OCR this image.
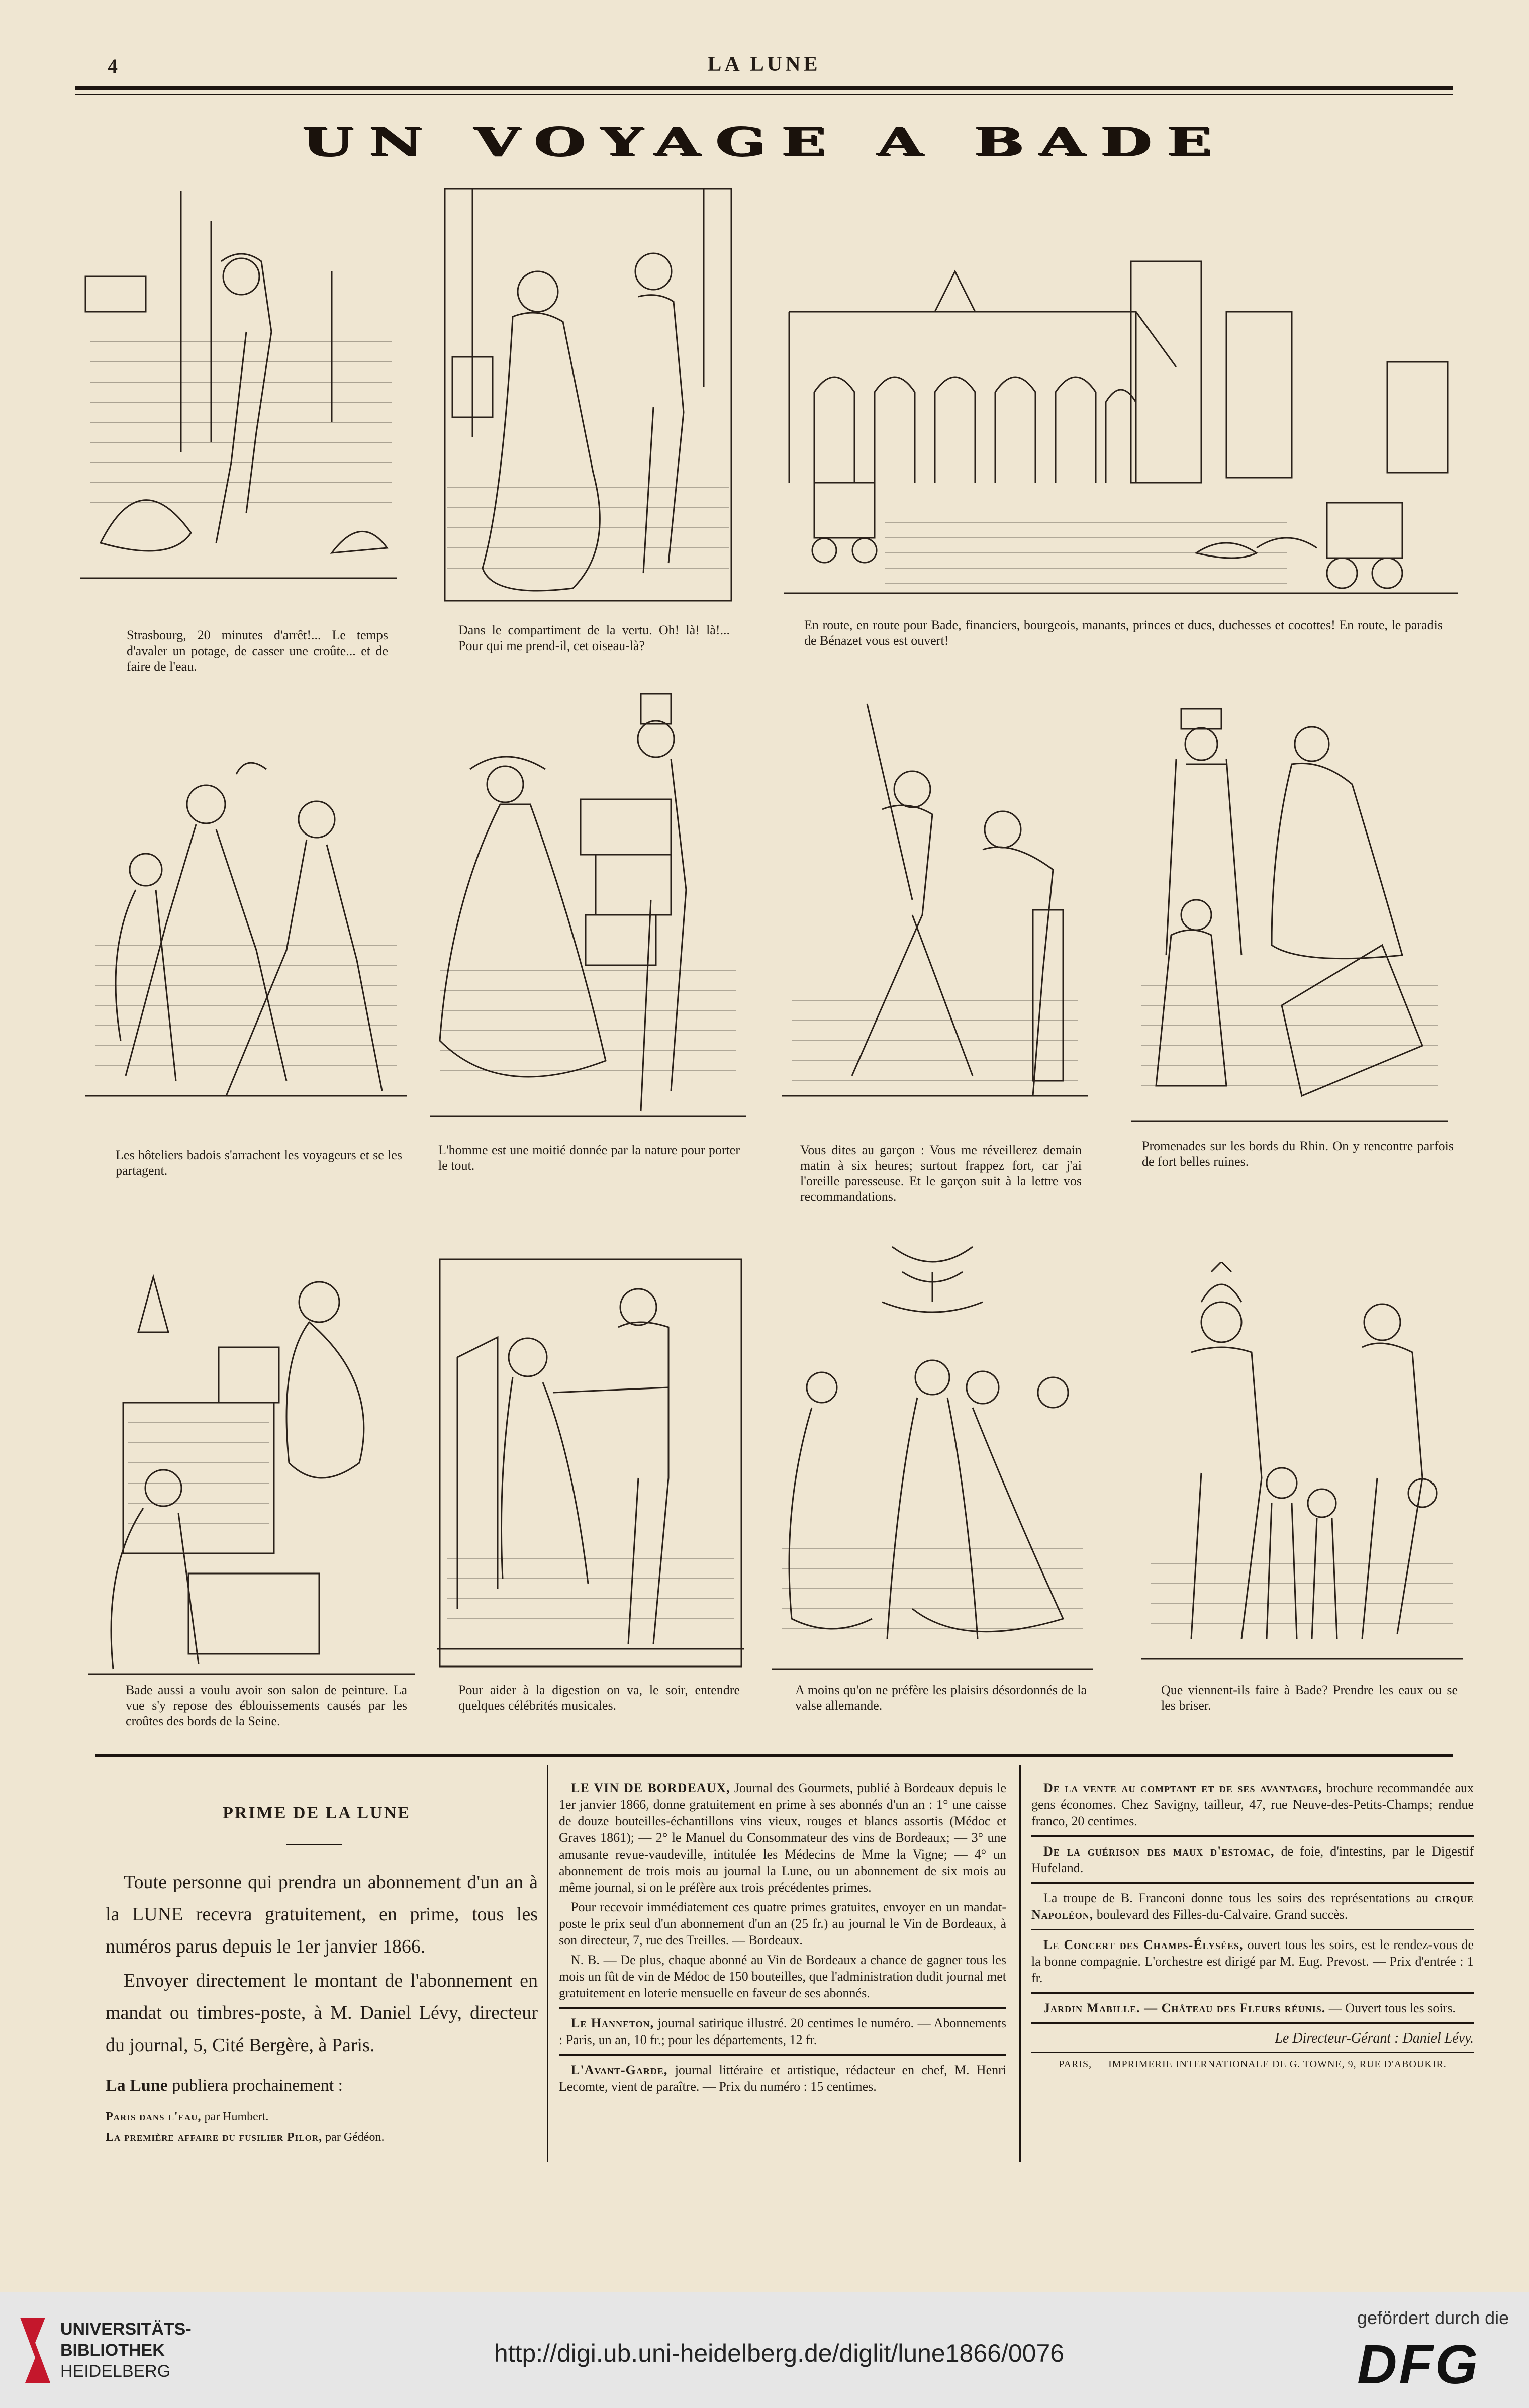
4	LA LUNE
UN VOYAGE A BADE
Strasbourg, 20 minutes d'arrêt!... Le temps d'avaler un potage, de casser une croûte... et de faire de l'eau.
Dans le compartiment de la vertu. Oh! là! là!... Pour qui me prend-il, cet oiseau-là?
En route, en route pour Bade, financiers, bourgeois, manants, princes et ducs, duchesses et cocottes! En route, le paradis de Bénazet vous est ouvert!
Les hôteliers badois s'arrachent les voyageurs et se les partagent.
L'homme est une moitié donnée par la nature pour porter le tout.
Vous dites au garçon : Vous me réveillerez demain matin à six heures; surtout frappez fort, car j'ai l'oreille paresseuse. Et le garçon suit à la lettre vos recommandations.
Promenades sur les bords du Rhin. On y rencontre parfois de fort belles ruines.
Bade aussi a voulu avoir son salon de peinture. La vue s'y repose des éblouissements causés par les croûtes des bords de la Seine.
Pour aider à la digestion on va, le soir, entendre quelques célébrités musicales.
A moins qu'on ne préfère les plaisirs désordonnés de la valse allemande.
Que viennent-ils faire à Bade? Prendre les eaux ou se les briser.
PRIME DE LA LUNE

Toute personne qui prendra un abonnement d'un an à la LUNE recevra gratuitement, en prime, tous les numéros parus depuis le 1er janvier 1866.

Envoyer directement le montant de l'abonnement en mandat ou timbres-poste, à M. Daniel Lévy, directeur du journal, 5, Cité Bergère, à Paris.

La Lune publiera prochainement :
Paris dans l'eau, par Humbert.
La première affaire du fusilier Pilor, par Gédéon.

LE VIN DE BORDEAUX, Journal des Gourmets, publié à Bordeaux depuis le 1er janvier 1866, donne gratuitement en prime à ses abonnés d'un an : 1° une caisse de douze bouteilles-échantillons vins vieux, rouges et blancs assortis (Médoc et Graves 1861); — 2° le Manuel du Consommateur des vins de Bordeaux; — 3° une amusante revue-vaudeville, intitulée les Médecins de Mme la Vigne; — 4° un abonnement de trois mois au journal la Lune, ou un abonnement de six mois au même journal, si on le préfère aux trois précédentes primes.

Pour recevoir immédiatement ces quatre primes gratuites, envoyer en un mandat-poste le prix seul d'un abonnement d'un an (25 fr.) au journal le Vin de Bordeaux, à son directeur, 7, rue des Treilles. — Bordeaux.

N. B. — De plus, chaque abonné au Vin de Bordeaux a chance de gagner tous les mois un fût de vin de Médoc de 150 bouteilles, que l'administration dudit journal met gratuitement en loterie mensuelle en faveur de ses abonnés.

Le Hanneton, journal satirique illustré. 20 centimes le numéro. — Abonnements : Paris, un an, 10 fr.; pour les départements, 12 fr.

L'Avant-Garde, journal littéraire et artistique, rédacteur en chef, M. Henri Lecomte, vient de paraître. — Prix du numéro : 15 centimes.

De la vente au comptant et de ses avantages, brochure recommandée aux gens économes. Chez Savigny, tailleur, 47, rue Neuve-des-Petits-Champs; rendue franco, 20 centimes.

De la guérison des maux d'estomac, de foie, d'intestins, par le Digestif Hufeland.

La troupe de B. Franconi donne tous les soirs des représentations au cirque Napoléon, boulevard des Filles-du-Calvaire. Grand succès.

Le Concert des Champs-Élysées, ouvert tous les soirs, est le rendez-vous de la bonne compagnie. L'orchestre est dirigé par M. Eug. Prevost. — Prix d'entrée : 1 fr.

Jardin Mabille. — Château des Fleurs réunis. — Ouvert tous les soirs.

Le Directeur-Gérant : Daniel Lévy.
PARIS, — IMPRIMERIE INTERNATIONALE DE G. TOWNE, 9, RUE D'ABOUKIR.
UNIVERSITÄTS-
BIBLIOTHEK
HEIDELBERG
http://digi.ub.uni-heidelberg.de/diglit/lune1866/0076
gefördert durch die
DFG
